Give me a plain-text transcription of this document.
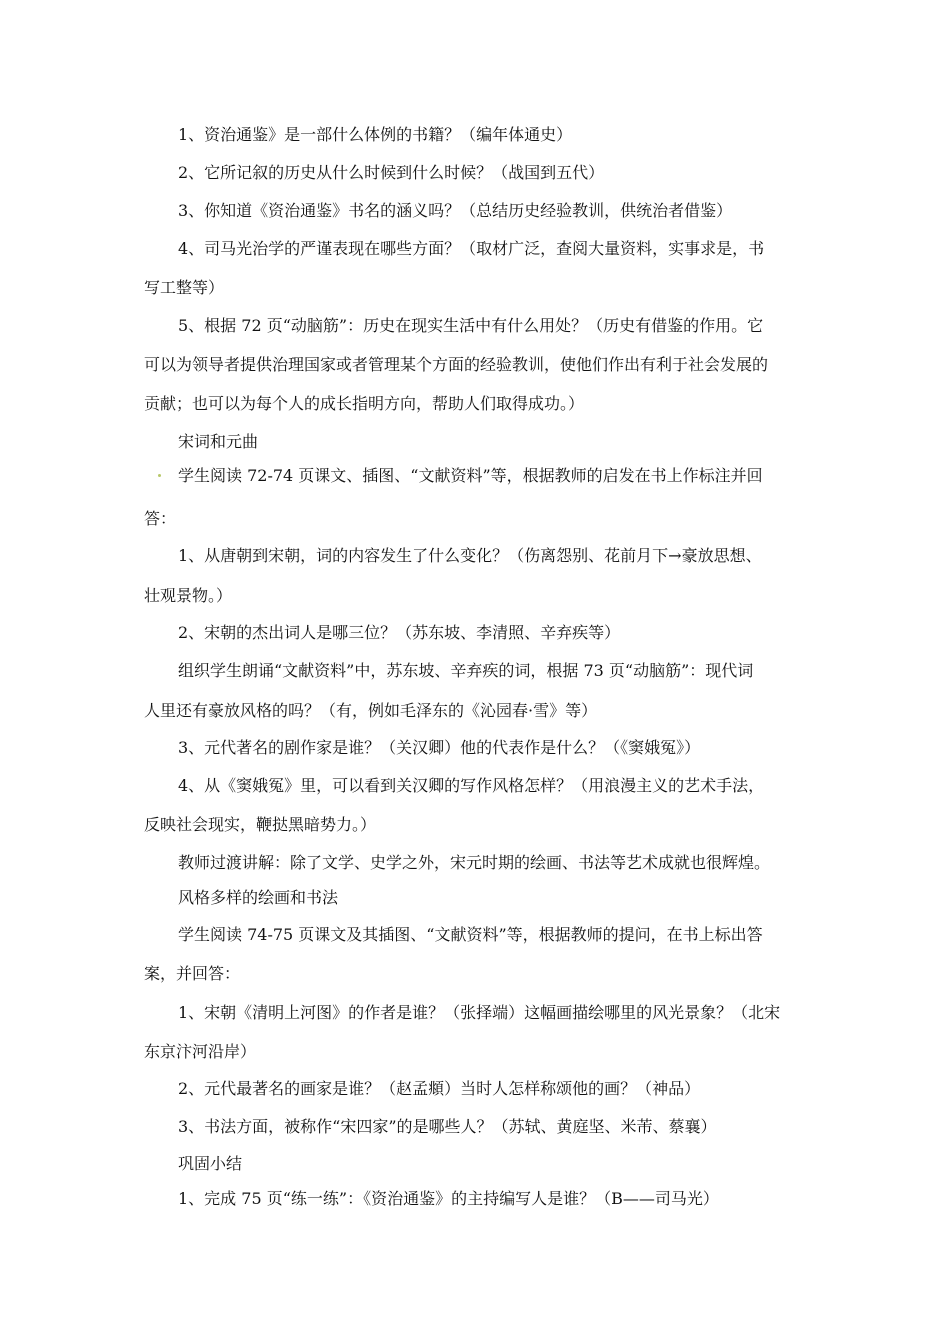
1、资治通鉴》是一部什么体例的书籍？（编年体通史）
2、它所记叙的历史从什么时候到什么时候？（战国到五代）
3、你知道《资治通鉴》书名的涵义吗？（总结历史经验教训，供统治者借鉴）
4、司马光治学的严谨表现在哪些方面？（取材广泛，查阅大量资料，实事求是，书
写工整等）
5、根据 72 页“动脑筋”：历史在现实生活中有什么用处？（历史有借鉴的作用。它
可以为领导者提供治理国家或者管理某个方面的经验教训，使他们作出有利于社会发展的
贡献；也可以为每个人的成长指明方向，帮助人们取得成功。）
宋词和元曲
学生阅读 72-74 页课文、插图、“文献资料”等，根据教师的启发在书上作标注并回
答：
1、从唐朝到宋朝，词的内容发生了什么变化？（伤离怨别、花前月下→豪放思想、
壮观景物。）
2、宋朝的杰出词人是哪三位？（苏东坡、李清照、辛弃疾等）
组织学生朗诵“文献资料”中，苏东坡、辛弃疾的词，根据 73 页“动脑筋”：现代词
人里还有豪放风格的吗？（有，例如毛泽东的《沁园春·雪》等）
3、元代著名的剧作家是谁？（关汉卿）他的代表作是什么？（《窦娥冤》）
4、从《窦娥冤》里，可以看到关汉卿的写作风格怎样？（用浪漫主义的艺术手法，
反映社会现实，鞭挞黑暗势力。）
教师过渡讲解：除了文学、史学之外，宋元时期的绘画、书法等艺术成就也很辉煌。
风格多样的绘画和书法
学生阅读 74-75 页课文及其插图、“文献资料”等，根据教师的提问，在书上标出答
案，并回答：
1、宋朝《清明上河图》的作者是谁？（张择端）这幅画描绘哪里的风光景象？（北宋
东京汴河沿岸）
2、元代最著名的画家是谁？（赵孟頫）当时人怎样称颂他的画？（神品）
3、书法方面，被称作“宋四家”的是哪些人？（苏轼、黄庭坚、米芾、蔡襄）
巩固小结
1、完成 75 页“练一练”：《资治通鉴》的主持编写人是谁？（B——司马光）
